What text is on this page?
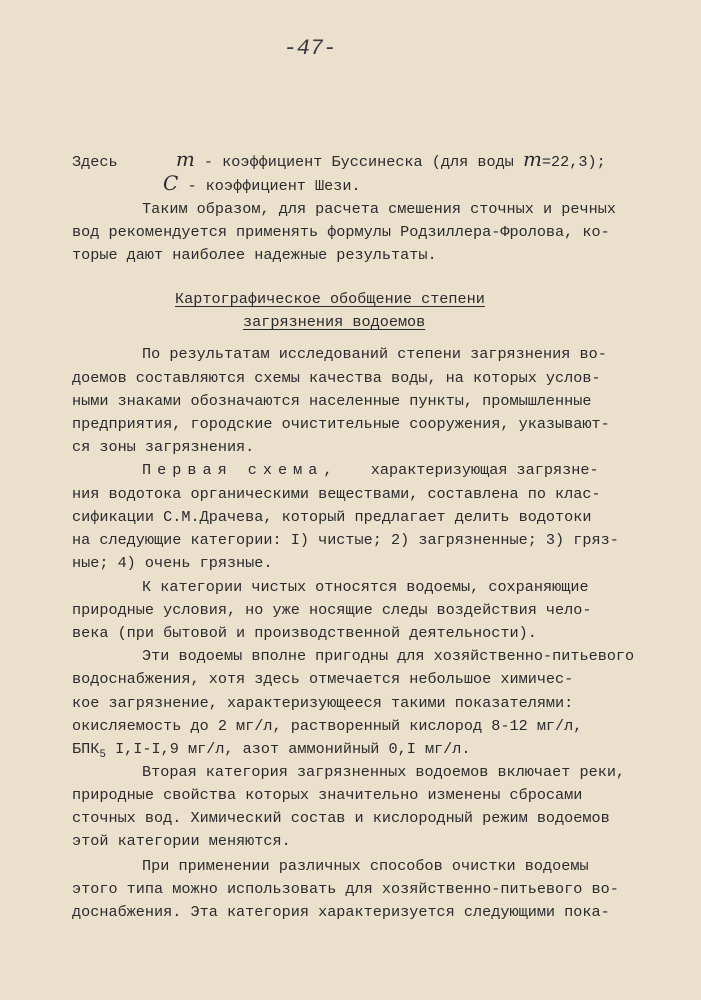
-47-
Здесь	m - коэффициент Буссинеска (для воды m=22,3);
C - коэффициент Шези.
Таким образом, для расчета смешения сточных и речных
вод рекомендуется применять формулы Родзиллера-Фролова, ко-
торые дают наиболее надежные результаты.
Картографическое обобщение степени
загрязнения водоемов
По результатам исследований степени загрязнения во-
доемов составляются схемы качества воды, на которых услов-
ными знаками обозначаются населенные пункты, промышленные
предприятия, городские очистительные сооружения, указывают-
ся зоны загрязнения.
Первая схема, характеризующая загрязне-
ния водотока органическими веществами, составлена по клас-
сификации С.М.Драчева, который предлагает делить водотоки
на следующие категории: I) чистые; 2) загрязненные; 3) гряз-
ные; 4) очень грязные.
К категории чистых относятся водоемы, сохраняющие
природные условия, но уже носящие следы воздействия чело-
века (при бытовой и производственной деятельности).
Эти водоемы вполне пригодны для хозяйственно-питьевого
водоснабжения, хотя здесь отмечается небольшое химичес-
кое загрязнение, характеризующееся такими показателями:
окисляемость до 2 мг/л, растворенный кислород 8-12 мг/л,
$БПК_5$ I,I-I,9 мг/л, азот аммонийный 0,I мг/л.
Вторая категория загрязненных водоемов включает реки,
природные свойства которых значительно изменены сбросами
сточных вод. Химический состав и кислородный режим водоемов
этой категории меняются.
При применении различных способов очистки водоемы
этого типа можно использовать для хозяйственно-питьевого во-
доснабжения. Эта категория характеризуется следующими пока-
